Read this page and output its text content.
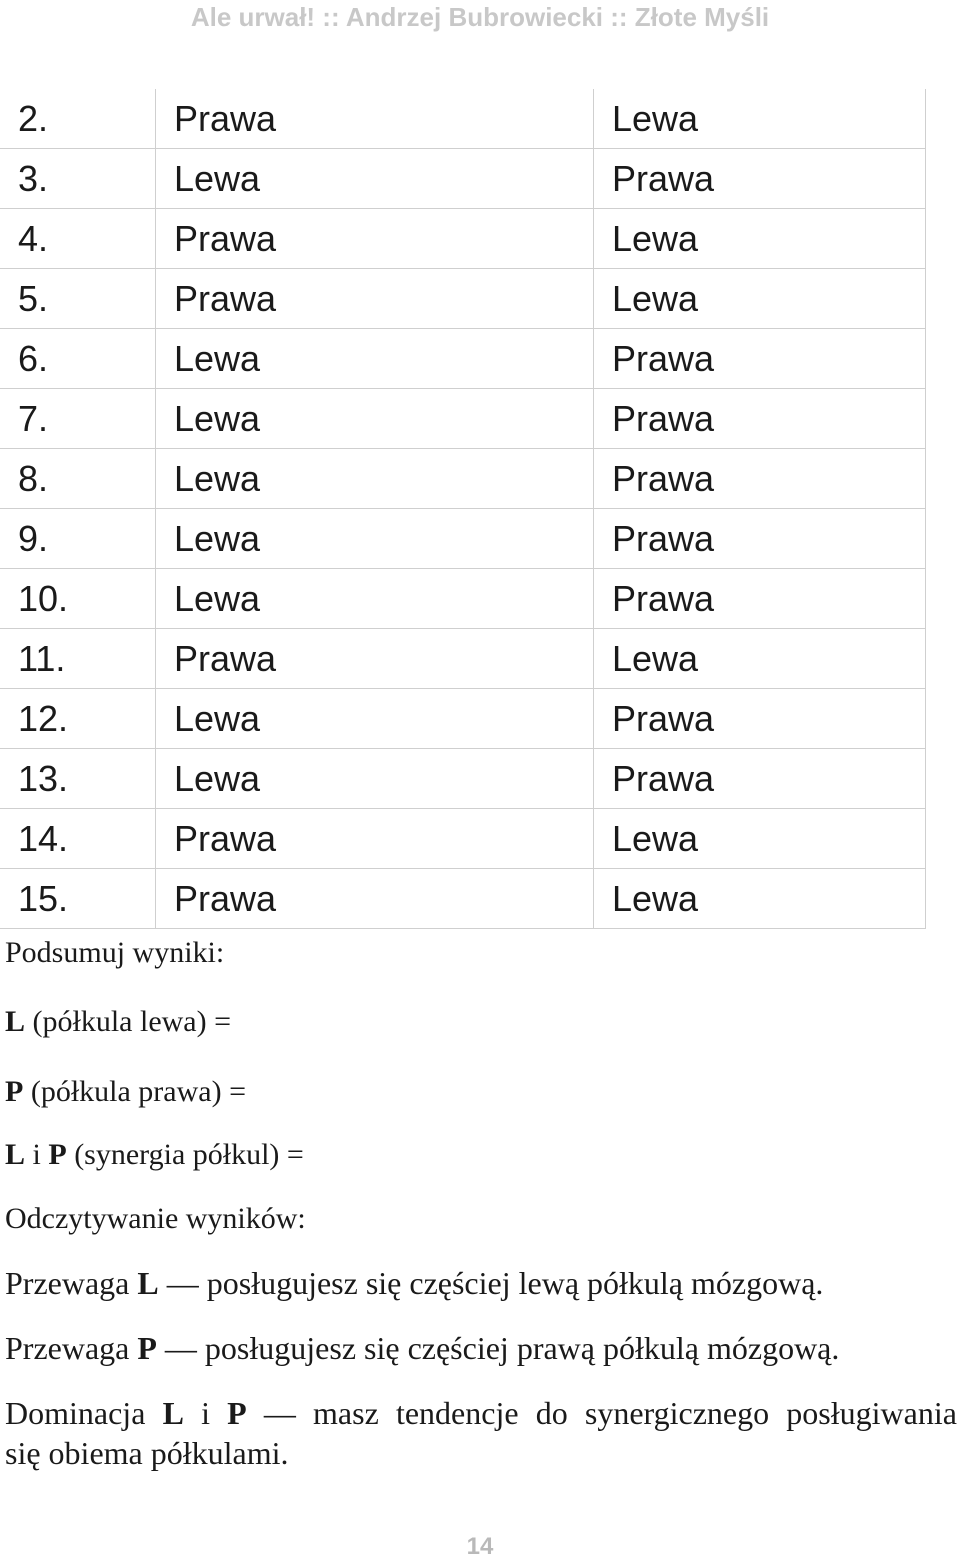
Ale urwał! :: Andrzej Bubrowiecki :: Złote Myśli
2.	Prawa	Lewa
3.	Lewa	Prawa
4.	Prawa	Lewa
5.	Prawa	Lewa
6.	Lewa	Prawa
7.	Lewa	Prawa
8.	Lewa	Prawa
9.	Lewa	Prawa
10.	Lewa	Prawa
11.	Prawa	Lewa
12.	Lewa	Prawa
13.	Lewa	Prawa
14.	Prawa	Lewa
15.	Prawa	Lewa
Podsumuj wyniki:
L (półkula lewa) =
P (półkula prawa) =
L i P (synergia półkul) =
Odczytywanie wyników:
Przewaga L — posługujesz się częściej lewą półkulą mózgową.
Przewaga P — posługujesz się częściej prawą półkulą mózgową.
Dominacja L i P — masz tendencje do synergicznego posługiwania
się obiema półkulami.
14
